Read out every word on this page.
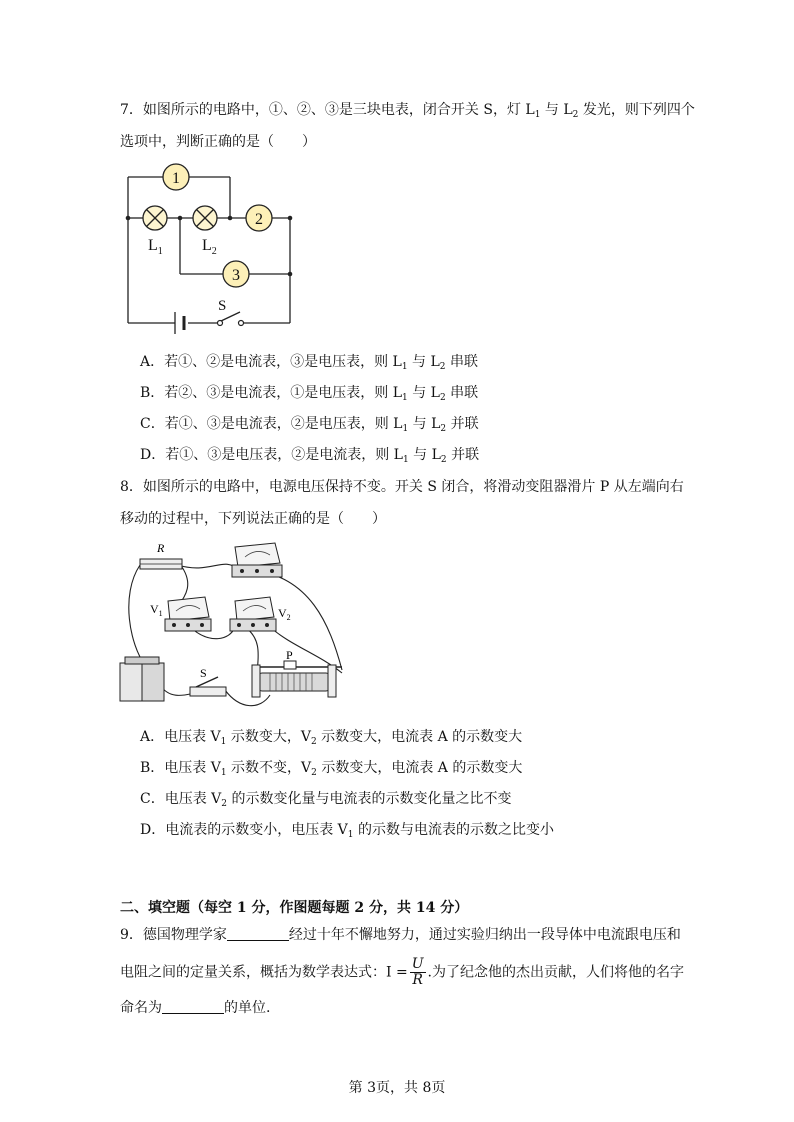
7．如图所示的电路中，①、②、③是三块电表，闭合开关 S，灯 $L_1$ 与 $L_2$ 发光，则下列四个
选项中，判断正确的是（　　）
1
2
3
$L_1$ $L_2$
S
A．若①、②是电流表，③是电压表，则 $L_1$ 与 $L_2$ 串联
B．若②、③是电流表，①是电压表，则 $L_1$ 与 $L_2$ 串联
C．若①、③是电流表，②是电压表，则 $L_1$ 与 $L_2$ 并联
D．若①、③是电压表，②是电流表，则 $L_1$ 与 $L_2$ 并联
8．如图所示的电路中，电源电压保持不变。开关 S 闭合，将滑动变阻器滑片 P 从左端向右
移动的过程中，下列说法正确的是（　　）
R
$V_1$	$V_2$
S
P
A．电压表 $V_1$ 示数变大，$V_2$ 示数变大，电流表 A 的示数变大
B．电压表 $V_1$ 示数不变，$V_2$ 示数变大，电流表 A 的示数变大
C．电压表 $V_2$ 的示数变化量与电流表的示数变化量之比不变
D．电流表的示数变小，电压表 $V_1$ 的示数与电流表的示数之比变小
二、填空题（每空 1 分，作图题每题 2 分，共 14 分）
9．德国物理学家	经过十年不懈地努力，通过实验归纳出一段导体中电流跟电压和
电阻之间的定量关系，概括为数学表达式：$I = \frac{U}{R}$ .为了纪念他的杰出贡献，人们将他的名字
命名为	的单位.
第 3页，共 8页
